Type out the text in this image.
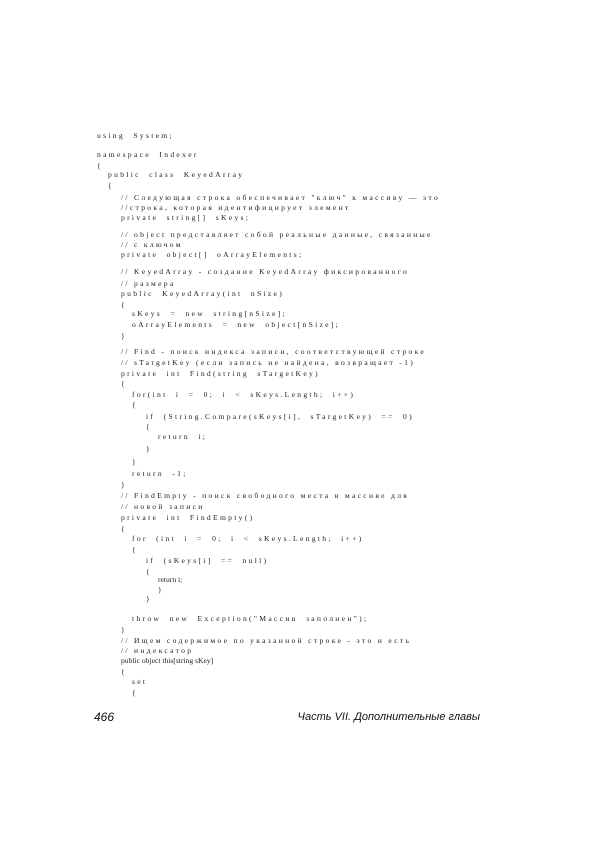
using  System;
namespace  Indexer
{
public  class  KeyedArray
{
// Следующая строка обеспечивает "ключ" к массиву — это
//строка, которая идентифицирует элемент
private  string[]  sKeys;
// object представляет собой реальные данные, связанные
// с ключом
private  object[]  oArrayElements;
// KeyedArray - создание KeyedArray фиксированного
// размера
public  KeyedArray(int  nSize)
{
sKeys  =  new  string[nSize];
oArrayElements  =  new  object[nSize];
}
// Find - поиск индекса записи, соответствующей строке
// sTargetKey (если запись не найдена, возвращает -1)
private  int  Find(string  sTargetKey)
{
for(int  i  =  0;  i  <  sKeys.Length;  i++)
{
if  (String.Compare(sKeys[i],  sTargetKey)  ==  0)
{
return  i;
}
}
return  -1;
}
// FindEmpty - поиск свободного места в массиве для
// новой записи
private  int  FindEmpty()
{
for  (int  i  =  0;  i  <  sKeys.Length;  i++)
{
if  (sKeys[i]  ==  null)
{
return i;
}
}
throw  new  Exception("Массив  заполнен");
}
// Ищем содержимое по указанной строке - это и есть
// индексатор
public object this[string sKey]
{
set
{
466	Часть VII. Дополнительные главы
